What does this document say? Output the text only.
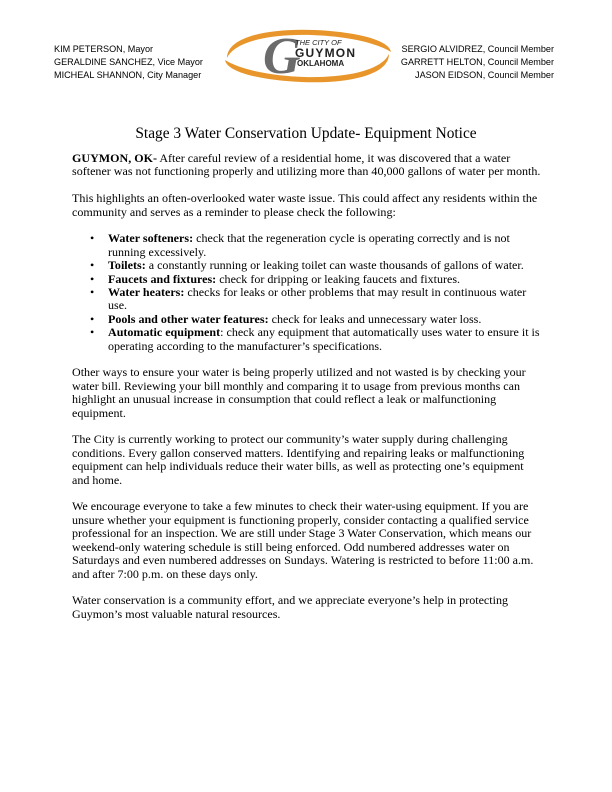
KIM PETERSON, Mayor
GERALDINE SANCHEZ, Vice Mayor
MICHEAL SHANNON, City Manager G
THE CITY OF
GUYMON
OKLAHOMA
SERGIO ALVIDREZ, Council Member
GARRETT HELTON, Council Member
JASON EIDSON, Council Member
Stage 3 Water Conservation Update- Equipment Notice

GUYMON, OK- After careful review of a residential home, it was discovered that a water softener was not functioning properly and utilizing more than 40,000 gallons of water per month.

This highlights an often-overlooked water waste issue. This could affect any residents within the community and serves as a reminder to please check the following:

• Water softeners: check that the regeneration cycle is operating correctly and is not running excessively.
• Toilets: a constantly running or leaking toilet can waste thousands of gallons of water.
• Faucets and fixtures: check for dripping or leaking faucets and fixtures.
• Water heaters: checks for leaks or other problems that may result in continuous water use.
• Pools and other water features: check for leaks and unnecessary water loss.
• Automatic equipment: check any equipment that automatically uses water to ensure it is operating according to the manufacturer’s specifications.

Other ways to ensure your water is being properly utilized and not wasted is by checking your water bill. Reviewing your bill monthly and comparing it to usage from previous months can highlight an unusual increase in consumption that could reflect a leak or malfunctioning equipment.

The City is currently working to protect our community’s water supply during challenging conditions. Every gallon conserved matters. Identifying and repairing leaks or malfunctioning equipment can help individuals reduce their water bills, as well as protecting one’s equipment and home.

We encourage everyone to take a few minutes to check their water-using equipment. If you are unsure whether your equipment is functioning properly, consider contacting a qualified service professional for an inspection. We are still under Stage 3 Water Conservation, which means our weekend-only watering schedule is still being enforced. Odd numbered addresses water on Saturdays and even numbered addresses on Sundays. Watering is restricted to before 11:00 a.m. and after 7:00 p.m. on these days only.

Water conservation is a community effort, and we appreciate everyone’s help in protecting Guymon’s most valuable natural resources.
